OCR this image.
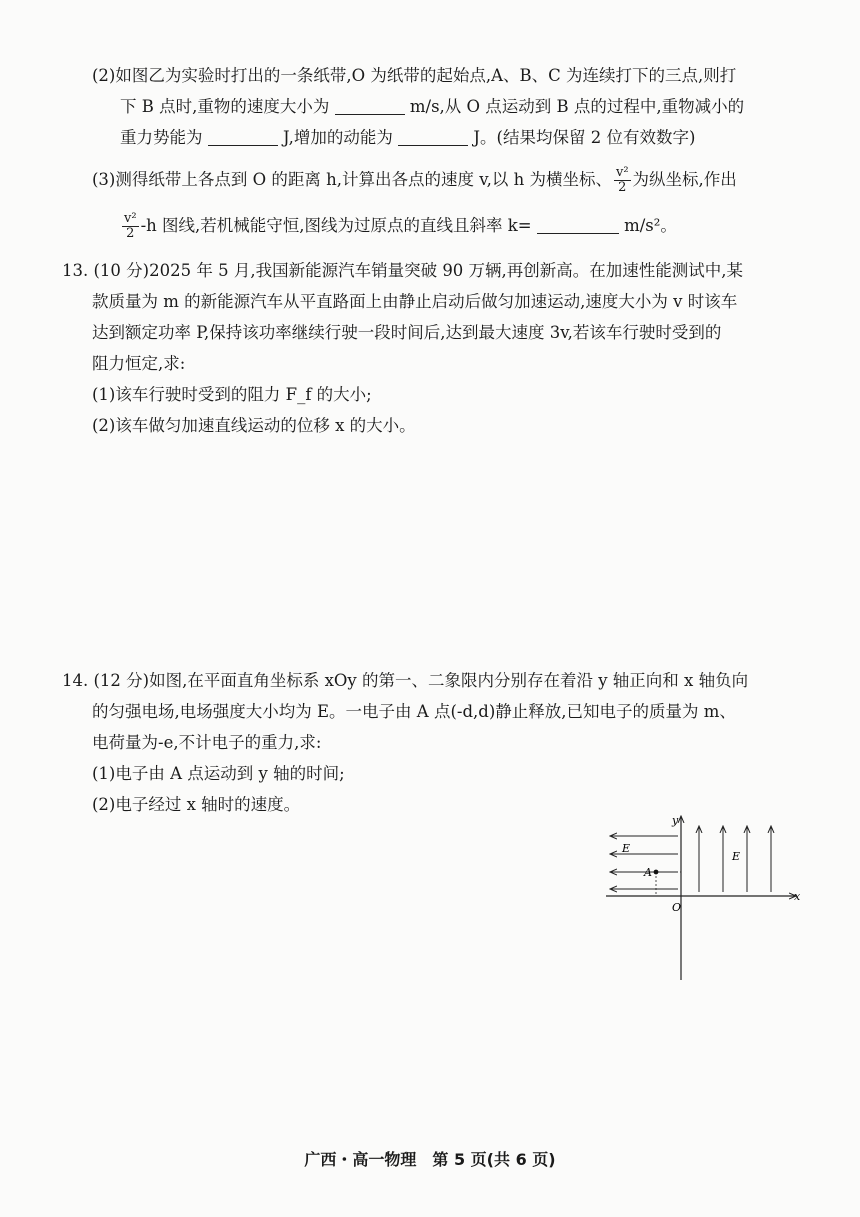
(2)如图乙为实验时打出的一条纸带,O 为纸带的起始点,A、B、C 为连续打下的三点,则打
下 B 点时,重物的速度大小为	m/s,从 O 点运动到 B 点的过程中,重物减小的
重力势能为	J,增加的动能为	J。(结果均保留 2 位有效数字)
(3)测得纸带上各点到 O 的距离 h,计算出各点的速度 v,以 h 为横坐标、 $\frac{\text{v²}}{2}$ 为纵坐标,作出
$\frac{\text{v²}}{2} -h$ 图线,若机械能守恒,图线为过原点的直线且斜率 k=	m/s²。
13. (10 分)2025 年 5 月,我国新能源汽车销量突破 90 万辆,再创新高。在加速性能测试中,某
款质量为 m 的新能源汽车从平直路面上由静止启动后做匀加速运动,速度大小为 v 时该车
达到额定功率 P,保持该功率继续行驶一段时间后,达到最大速度 3v,若该车行驶时受到的
阻力恒定,求:
(1)该车行驶时受到的阻力 F_f 的大小;
(2)该车做匀加速直线运动的位移 x 的大小。
14. (12 分)如图,在平面直角坐标系 xOy 的第一、二象限内分别存在着沿 y 轴正向和 x 轴负向
的匀强电场,电场强度大小均为 E。一电子由 A 点(-d,d)静止释放,已知电子的质量为 m、
电荷量为-e,不计电子的重力,求:
(1)电子由 A 点运动到 y 轴的时间;
(2)电子经过 x 轴时的速度。
y
x
O
E
E
A
广西・高一物理　第 5 页(共 6 页)
